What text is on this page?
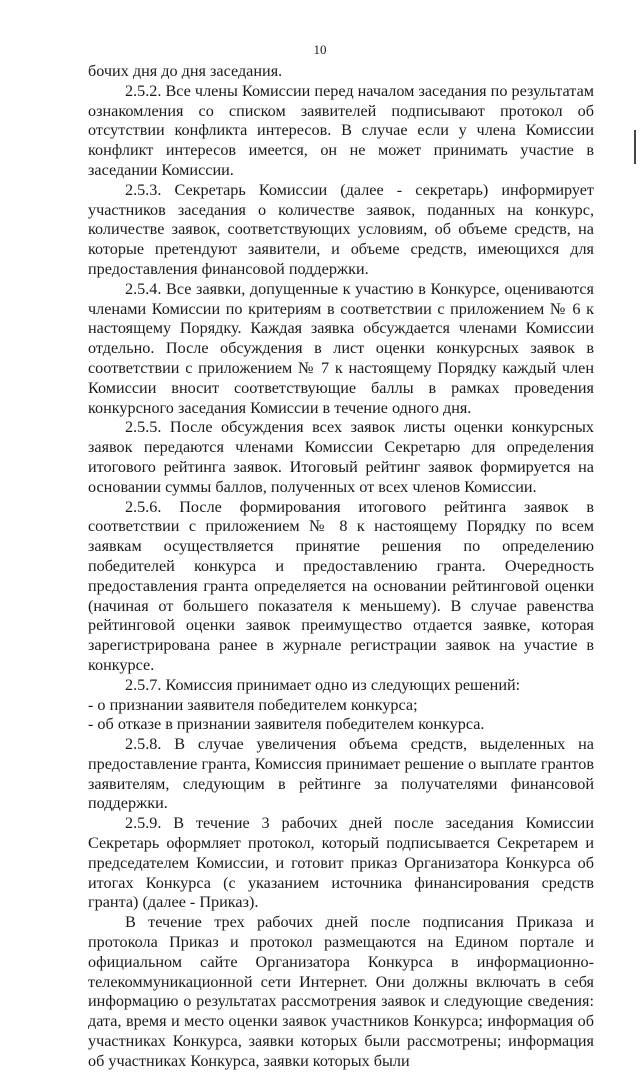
10

бочих дня до дня заседания.

2.5.2. Все члены Комиссии перед началом заседания по результатам ознакомления со списком заявителей подписывают протокол об отсутствии конфликта интересов. В случае если у члена Комиссии конфликт интересов имеется, он не может принимать участие в заседании Комиссии.

2.5.3. Секретарь Комиссии (далее - секретарь) информирует участников заседания о количестве заявок, поданных на конкурс, количестве заявок, соответствующих условиям, об объеме средств, на которые претендуют заявители, и объеме средств, имеющихся для предоставления финансовой поддержки.

2.5.4. Все заявки, допущенные к участию в Конкурсе, оцениваются членами Комиссии по критериям в соответствии с приложением № 6 к настоящему Порядку. Каждая заявка обсуждается членами Комиссии отдельно. После обсуждения в лист оценки конкурсных заявок в соответствии с приложением № 7 к настоящему Порядку каждый член Комиссии вносит соответствующие баллы в рамках проведения конкурсного заседания Комиссии в течение одного дня.

2.5.5. После обсуждения всех заявок листы оценки конкурсных заявок передаются членами Комиссии Секретарю для определения итогового рейтинга заявок. Итоговый рейтинг заявок формируется на основании суммы баллов, полученных от всех членов Комиссии.

2.5.6. После формирования итогового рейтинга заявок в соответствии с приложением № 8 к настоящему Порядку по всем заявкам осуществляется принятие решения по определению победителей конкурса и предоставлению гранта. Очередность предоставления гранта определяется на основании рейтинговой оценки (начиная от большего показателя к меньшему). В случае равенства рейтинговой оценки заявок преимущество отдается заявке, которая зарегистрирована ранее в журнале регистрации заявок на участие в конкурсе.

2.5.7. Комиссия принимает одно из следующих решений:

- о признании заявителя победителем конкурса;

- об отказе в признании заявителя победителем конкурса.

2.5.8. В случае увеличения объема средств, выделенных на предоставление гранта, Комиссия принимает решение о выплате грантов заявителям, следующим в рейтинге за получателями финансовой поддержки.

2.5.9. В течение 3 рабочих дней после заседания Комиссии Секретарь оформляет протокол, который подписывается Секретарем и председателем Комиссии, и готовит приказ Организатора Конкурса об итогах Конкурса (с указанием источника финансирования средств гранта) (далее - Приказ).

В течение трех рабочих дней после подписания Приказа и протокола Приказ и протокол размещаются на Едином портале и официальном сайте Организатора Конкурса в информационно-телекоммуникационной сети Интернет. Они должны включать в себя информацию о результатах рассмотрения заявок и следующие сведения: дата, время и место оценки заявок участников Конкурса; информация об участниках Конкурса, заявки которых были рассмотрены; информация об участниках Конкурса, заявки которых были
